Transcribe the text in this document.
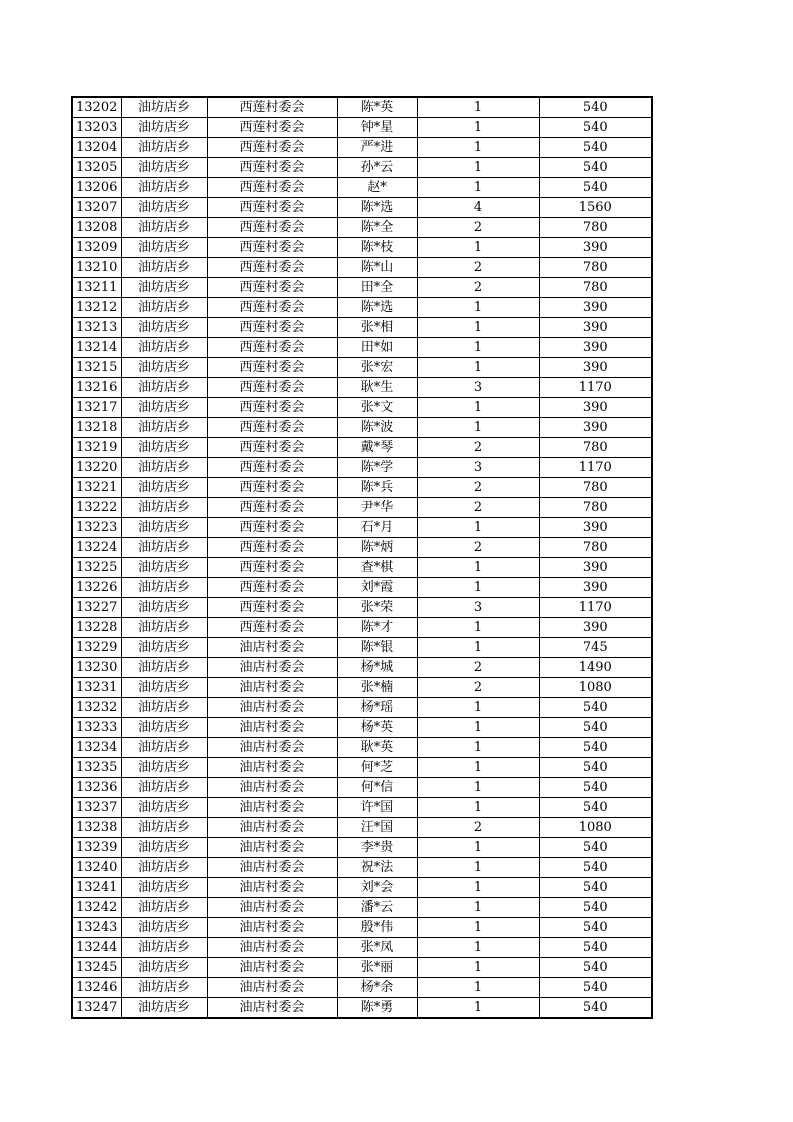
13202	油坊店乡	西莲村委会	陈*英	1	540
13203	油坊店乡	西莲村委会	钟*星	1	540
13204	油坊店乡	西莲村委会	严*进	1	540
13205	油坊店乡	西莲村委会	孙*云	1	540
13206	油坊店乡	西莲村委会	赵*	1	540
13207	油坊店乡	西莲村委会	陈*选	4	1560
13208	油坊店乡	西莲村委会	陈*全	2	780
13209	油坊店乡	西莲村委会	陈*枝	1	390
13210	油坊店乡	西莲村委会	陈*山	2	780
13211	油坊店乡	西莲村委会	田*全	2	780
13212	油坊店乡	西莲村委会	陈*选	1	390
13213	油坊店乡	西莲村委会	张*相	1	390
13214	油坊店乡	西莲村委会	田*如	1	390
13215	油坊店乡	西莲村委会	张*宏	1	390
13216	油坊店乡	西莲村委会	耿*生	3	1170
13217	油坊店乡	西莲村委会	张*文	1	390
13218	油坊店乡	西莲村委会	陈*波	1	390
13219	油坊店乡	西莲村委会	戴*琴	2	780
13220	油坊店乡	西莲村委会	陈*学	3	1170
13221	油坊店乡	西莲村委会	陈*兵	2	780
13222	油坊店乡	西莲村委会	尹*华	2	780
13223	油坊店乡	西莲村委会	石*月	1	390
13224	油坊店乡	西莲村委会	陈*炳	2	780
13225	油坊店乡	西莲村委会	查*棋	1	390
13226	油坊店乡	西莲村委会	刘*霞	1	390
13227	油坊店乡	西莲村委会	张*荣	3	1170
13228	油坊店乡	西莲村委会	陈*才	1	390
13229	油坊店乡	油店村委会	陈*银	1	745
13230	油坊店乡	油店村委会	杨*城	2	1490
13231	油坊店乡	油店村委会	张*楠	2	1080
13232	油坊店乡	油店村委会	杨*瑶	1	540
13233	油坊店乡	油店村委会	杨*英	1	540
13234	油坊店乡	油店村委会	耿*英	1	540
13235	油坊店乡	油店村委会	何*芝	1	540
13236	油坊店乡	油店村委会	何*信	1	540
13237	油坊店乡	油店村委会	许*国	1	540
13238	油坊店乡	油店村委会	汪*国	2	1080
13239	油坊店乡	油店村委会	李*贵	1	540
13240	油坊店乡	油店村委会	祝*法	1	540
13241	油坊店乡	油店村委会	刘*会	1	540
13242	油坊店乡	油店村委会	潘*云	1	540
13243	油坊店乡	油店村委会	殷*伟	1	540
13244	油坊店乡	油店村委会	张*凤	1	540
13245	油坊店乡	油店村委会	张*丽	1	540
13246	油坊店乡	油店村委会	杨*余	1	540
13247	油坊店乡	油店村委会	陈*勇	1	540
